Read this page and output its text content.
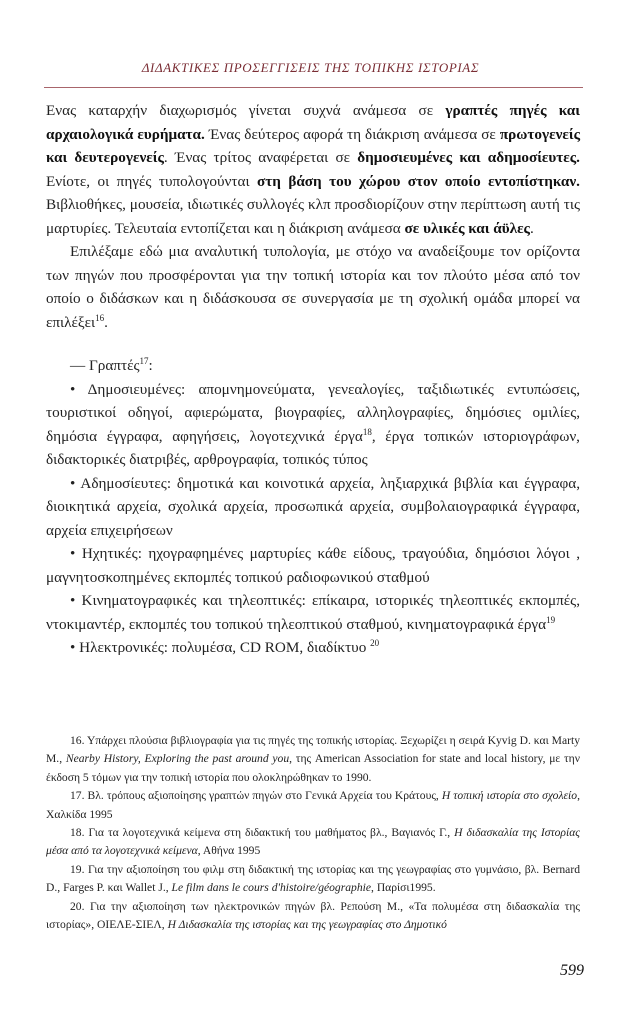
ΔΙΔΑΚΤΙΚΕΣ ΠΡΟΣΕΓΓΙΣΕΙΣ ΤΗΣ ΤΟΠΙΚΗΣ ΙΣΤΟΡΙΑΣ

Ενας καταρχήν διαχωρισμός γίνεται συχνά ανάμεσα σε γραπτές πηγές και αρχαιολογικά ευρήματα. Ένας δεύτερος αφορά τη διάκριση ανάμεσα σε πρωτογενείς και δευτερογενείς. Ένας τρίτος αναφέρεται σε δημοσιευμένες και αδημοσίευτες. Ενίοτε, οι πηγές τυπολογούνται στη βάση του χώρου στον οποίο εντοπίστηκαν. Βιβλιοθήκες, μουσεία, ιδιωτικές συλλογές κλπ προσδιορίζουν στην περίπτωση αυτή τις μαρτυρίες. Τελευταία εντοπίζεται και η διάκριση ανάμεσα σε υλικές και άϋλες.

Επιλέξαμε εδώ μια αναλυτική τυπολογία, με στόχο να αναδείξουμε τον ορίζοντα των πηγών που προσφέρονται για την τοπική ιστορία και τον πλούτο μέσα από τον οποίο ο διδάσκων και η διδάσκουσα σε συνεργασία με τη σχολική ομάδα μπορεί να επιλέξει$^{16}$.

— Γραπτές$^{17}$:

• Δημοσιευμένες: απομνημονεύματα, γενεαλογίες, ταξιδιωτικές εντυπώσεις, τουριστικοί οδηγοί, αφιερώματα, βιογραφίες, αλληλογραφίες, δημόσιες ομιλίες, δημόσια έγγραφα, αφηγήσεις, λογοτεχνικά έργα$^{18}$, έργα τοπικών ιστοριογράφων, διδακτορικές διατριβές, αρθρογραφία, τοπικός τύπος

• Αδημοσίευτες: δημοτικά και κοινοτικά αρχεία, ληξιαρχικά βιβλία και έγγραφα, διοικητικά αρχεία, σχολικά αρχεία, προσωπικά αρχεία, συμβολαιογραφικά έγγραφα, αρχεία επιχειρήσεων

• Ηχητικές: ηχογραφημένες μαρτυρίες κάθε είδους, τραγούδια, δημόσιοι λόγοι , μαγνητοσκοπημένες εκπομπές τοπικού ραδιοφωνικού σταθμού

• Κινηματογραφικές και τηλεοπτικές: επίκαιρα, ιστορικές τηλεοπτικές εκπομπές, ντοκιμαντέρ, εκπομπές του τοπικού τηλεοπτικού σταθμού, κινηματογραφικά έργα$^{19}$

• Ηλεκτρονικές: πολυμέσα, CD ROM, διαδίκτυο $^{20}$

16. Υπάρχει πλούσια βιβλιογραφία για τις πηγές της τοπικής ιστορίας. Ξεχωρίζει η σειρά Kyvig D. και Marty M., Nearby History, Exploring the past around you, της American Association for state and local history, με την έκδοση 5 τόμων για την τοπική ιστορία που ολοκληρώθηκαν το 1990.

17. Βλ. τρόπους αξιοποίησης γραπτών πηγών στο Γενικά Αρχεία του Κράτους, Η τοπική ιστορία στο σχολείο, Χαλκίδα 1995

18. Για τα λογοτεχνικά κείμενα στη διδακτική του μαθήματος βλ., Βαγιανός Γ., Η διδασκαλία της Ιστορίας μέσα από τα λογοτεχνικά κείμενα, Αθήνα 1995

19. Για την αξιοποίηση του φιλμ στη διδακτική της ιστορίας και της γεωγραφίας στο γυμνάσιο, βλ. Bernard D., Farges P. και Wallet J., Le film dans le cours d'histoire/géographie, Παρίσι1995.

20. Για την αξιοποίηση των ηλεκτρονικών πηγών βλ. Ρεπούση Μ., «Τα πολυμέσα στη διδασκαλία της ιστορίας», ΟΙΕΛΕ-ΣΙΕΛ, Η Διδασκαλία της ιστορίας και της γεωγραφίας στο Δημοτικό

599
